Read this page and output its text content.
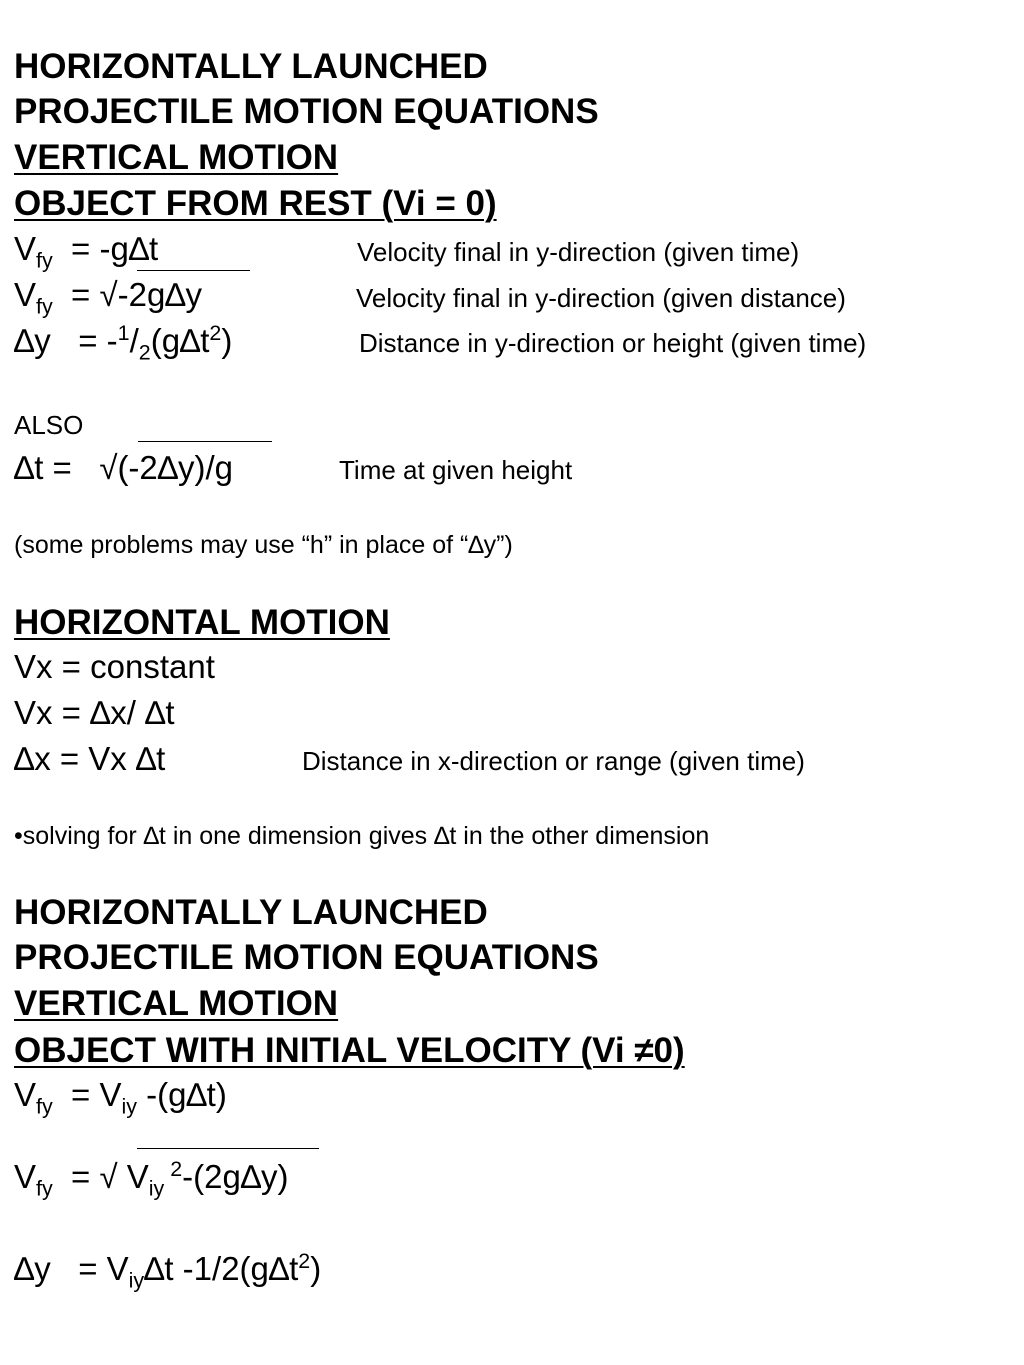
HORIZONTALLY LAUNCHED
PROJECTILE MOTION EQUATIONS
VERTICAL MOTION
OBJECT FROM REST (Vi = 0)
$V_{fy} = -g\Delta t$	Velocity final in y-direction (given time)
$V_{fy} = √-2g\Delta y$	Velocity final in y-direction (given distance)
$\Delta y = -^1/_2(g\Delta t^2)$	Distance in y-direction or height (given time)
ALSO
∆t = √(-2∆y)/g	Time at given height
(some problems may use “h” in place of “∆y”)
HORIZONTAL MOTION
Vx = constant
Vx = ∆x/ ∆t
∆x = Vx ∆t	Distance in x-direction or range (given time)
•solving for ∆t in one dimension gives ∆t in the other dimension
HORIZONTALLY LAUNCHED
PROJECTILE MOTION EQUATIONS
VERTICAL MOTION
OBJECT WITH INITIAL VELOCITY (Vi ≠0)
$V_{fy} = V_{iy}$ -(g∆t)
$V_{fy}$ = √ $V_{iy}$ $^2$-(2g∆y)
$\Delta y = V_{iy}\Delta t$ $-1/2(g\Delta t^2)$
